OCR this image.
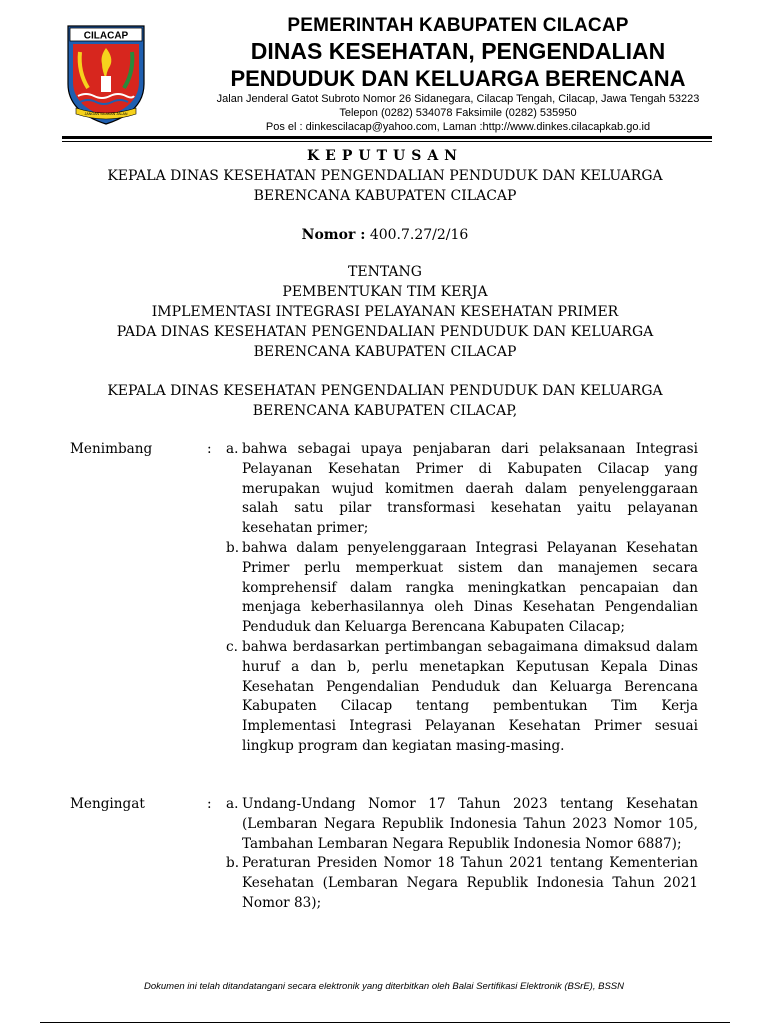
CILACAP
JANGAN SILAKAN JALAN
PEMERINTAH KABUPATEN CILACAP
DINAS KESEHATAN, PENGENDALIAN
PENDUDUK DAN KELUARGA BERENCANA
Jalan Jenderal Gatot Subroto Nomor 26 Sidanegara, Cilacap Tengah, Cilacap, Jawa Tengah 53223
Telepon (0282) 534078 Faksimile (0282) 535950
Pos el : dinkescilacap@yahoo.com, Laman :http://www.dinkes.cilacapkab.go.id
KEPUTUSAN
KEPALA DINAS KESEHATAN PENGENDALIAN PENDUDUK DAN KELUARGA
BERENCANA KABUPATEN CILACAP
Nomor : 400.7.27/2/16
TENTANG
PEMBENTUKAN TIM KERJA
IMPLEMENTASI INTEGRASI PELAYANAN KESEHATAN PRIMER
PADA DINAS KESEHATAN PENGENDALIAN PENDUDUK DAN KELUARGA
BERENCANA KABUPATEN CILACAP
KEPALA DINAS KESEHATAN PENGENDALIAN PENDUDUK DAN KELUARGA
BERENCANA KABUPATEN CILACAP,
Menimbang	:	a. bahwa sebagai upaya penjabaran dari pelaksanaan Integrasi Pelayanan Kesehatan Primer di Kabupaten Cilacap yang merupakan wujud komitmen daerah dalam penyelenggaraan salah satu pilar transformasi kesehatan yaitu pelayanan kesehatan primer;
b. bahwa dalam penyelenggaraan Integrasi Pelayanan Kesehatan Primer perlu memperkuat sistem dan manajemen secara komprehensif dalam rangka meningkatkan pencapaian dan menjaga keberhasilannya oleh Dinas Kesehatan Pengendalian Penduduk dan Keluarga Berencana Kabupaten Cilacap;
c. bahwa berdasarkan pertimbangan sebagaimana dimaksud dalam huruf a dan b, perlu menetapkan Keputusan Kepala Dinas Kesehatan Pengendalian Penduduk dan Keluarga Berencana Kabupaten Cilacap tentang pembentukan Tim Kerja Implementasi Integrasi Pelayanan Kesehatan Primer sesuai lingkup program dan kegiatan masing-masing.
Mengingat	:	a. Undang-Undang Nomor 17 Tahun 2023 tentang Kesehatan (Lembaran Negara Republik Indonesia Tahun 2023 Nomor 105, Tambahan Lembaran Negara Republik Indonesia Nomor 6887);
b. Peraturan Presiden Nomor 18 Tahun 2021 tentang Kementerian Kesehatan (Lembaran Negara Republik Indonesia Tahun 2021 Nomor 83);
Dokumen ini telah ditandatangani secara elektronik yang diterbitkan oleh Balai Sertifikasi Elektronik (BSrE), BSSN
